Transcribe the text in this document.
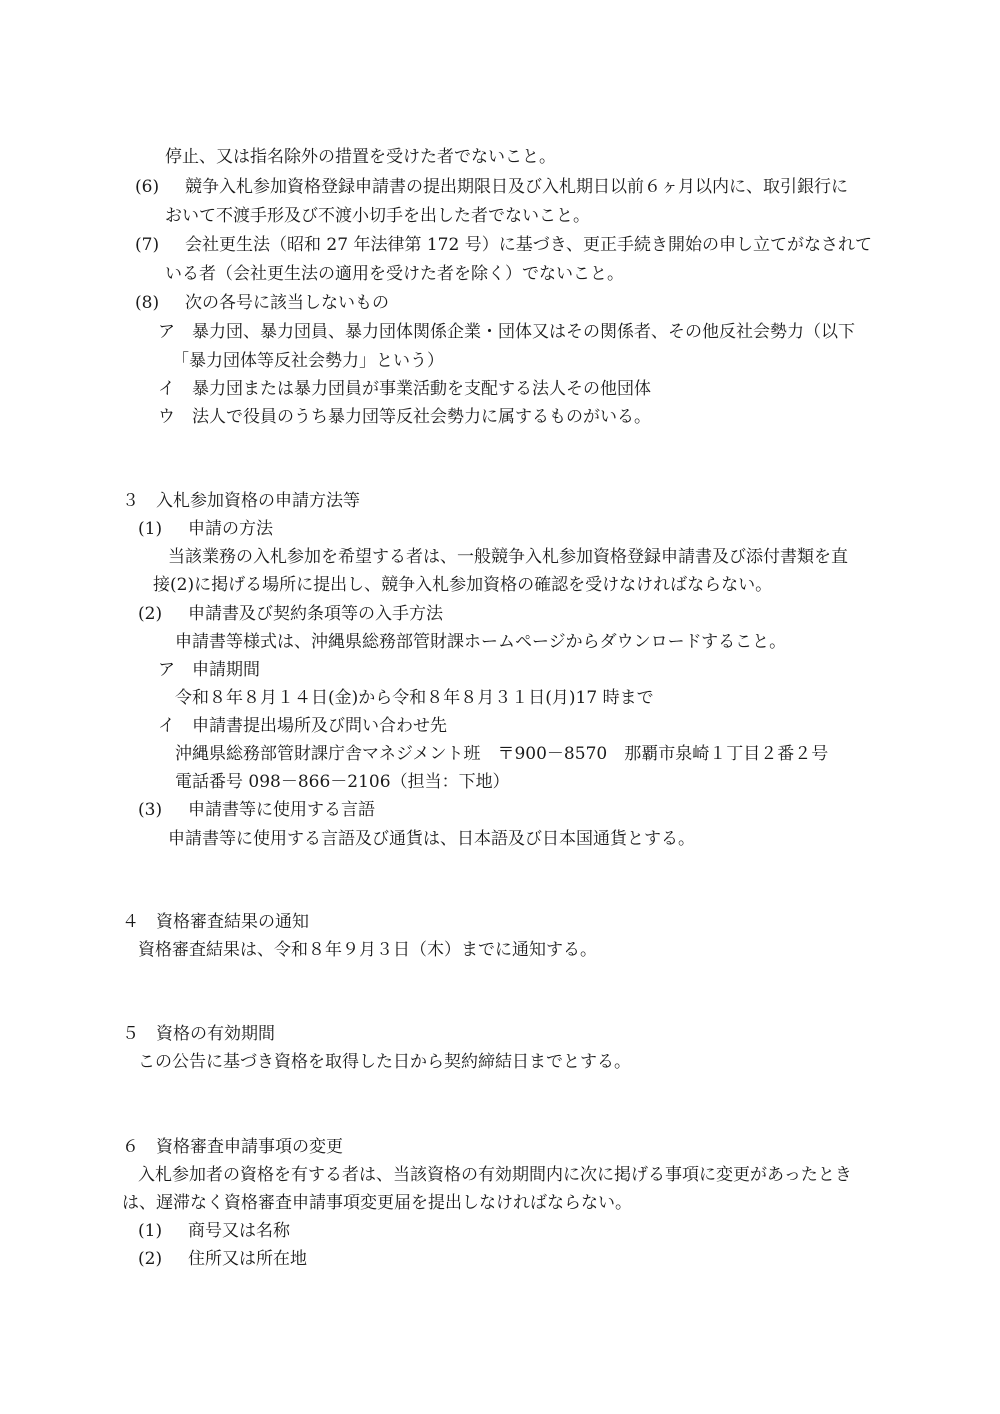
停止、又は指名除外の措置を受けた者でないこと。
(6) 競争入札参加資格登録申請書の提出期限日及び入札期日以前６ヶ月以内に、取引銀行に
おいて不渡手形及び不渡小切手を出した者でないこと。
(7) 会社更生法（昭和 27 年法律第 172 号）に基づき、更正手続き開始の申し立てがなされて
いる者（会社更生法の適用を受けた者を除く）でないこと。
(8) 次の各号に該当しないもの
ア　暴力団、暴力団員、暴力団体関係企業・団体又はその関係者、その他反社会勢力（以下
「暴力団体等反社会勢力」という）
イ　暴力団または暴力団員が事業活動を支配する法人その他団体
ウ　法人で役員のうち暴力団等反社会勢力に属するものがいる。
３　入札参加資格の申請方法等
(1) 申請の方法
当該業務の入札参加を希望する者は、一般競争入札参加資格登録申請書及び添付書類を直
接(2)に掲げる場所に提出し、競争入札参加資格の確認を受けなければならない。
(2) 申請書及び契約条項等の入手方法
申請書等様式は、沖縄県総務部管財課ホームページからダウンロードすること。
ア　申請期間
令和８年８月１４日(金)から令和８年８月３１日(月)17 時まで
イ　申請書提出場所及び問い合わせ先
沖縄県総務部管財課庁舎マネジメント班　〒900－8570　那覇市泉崎１丁目２番２号
電話番号 098－866－2106（担当：下地）
(3) 申請書等に使用する言語
申請書等に使用する言語及び通貨は、日本語及び日本国通貨とする。
４　資格審査結果の通知
資格審査結果は、令和８年９月３日（木）までに通知する。
５　資格の有効期間
この公告に基づき資格を取得した日から契約締結日までとする。
６　資格審査申請事項の変更
入札参加者の資格を有する者は、当該資格の有効期間内に次に掲げる事項に変更があったとき
は、遅滞なく資格審査申請事項変更届を提出しなければならない。
(1) 商号又は名称
(2) 住所又は所在地
